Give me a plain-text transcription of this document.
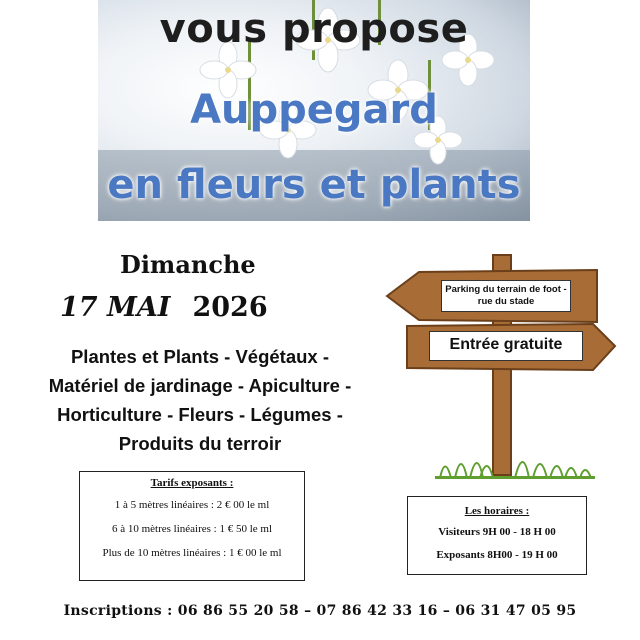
vous propose
Auppegard
en fleurs et plants
Dimanche
17 MAI 2026
Plantes et Plants - Végétaux -
Matériel de jardinage - Apiculture -
Horticulture - Fleurs - Légumes -
Produits du terroir
Tarifs exposants :
1 à 5 mètres linéaires : 2 € 00 le ml
6 à 10 mètres linéaires : 1 € 50 le ml
Plus de 10 mètres linéaires : 1 € 00 le ml
Parking du terrain de foot - rue du stade
Entrée gratuite
Les horaires :
Visiteurs 9H 00 - 18 H 00
Exposants 8H00 - 19 H 00
Inscriptions : 06 86 55 20 58 – 07 86 42 33 16 – 06 31 47 05 95
